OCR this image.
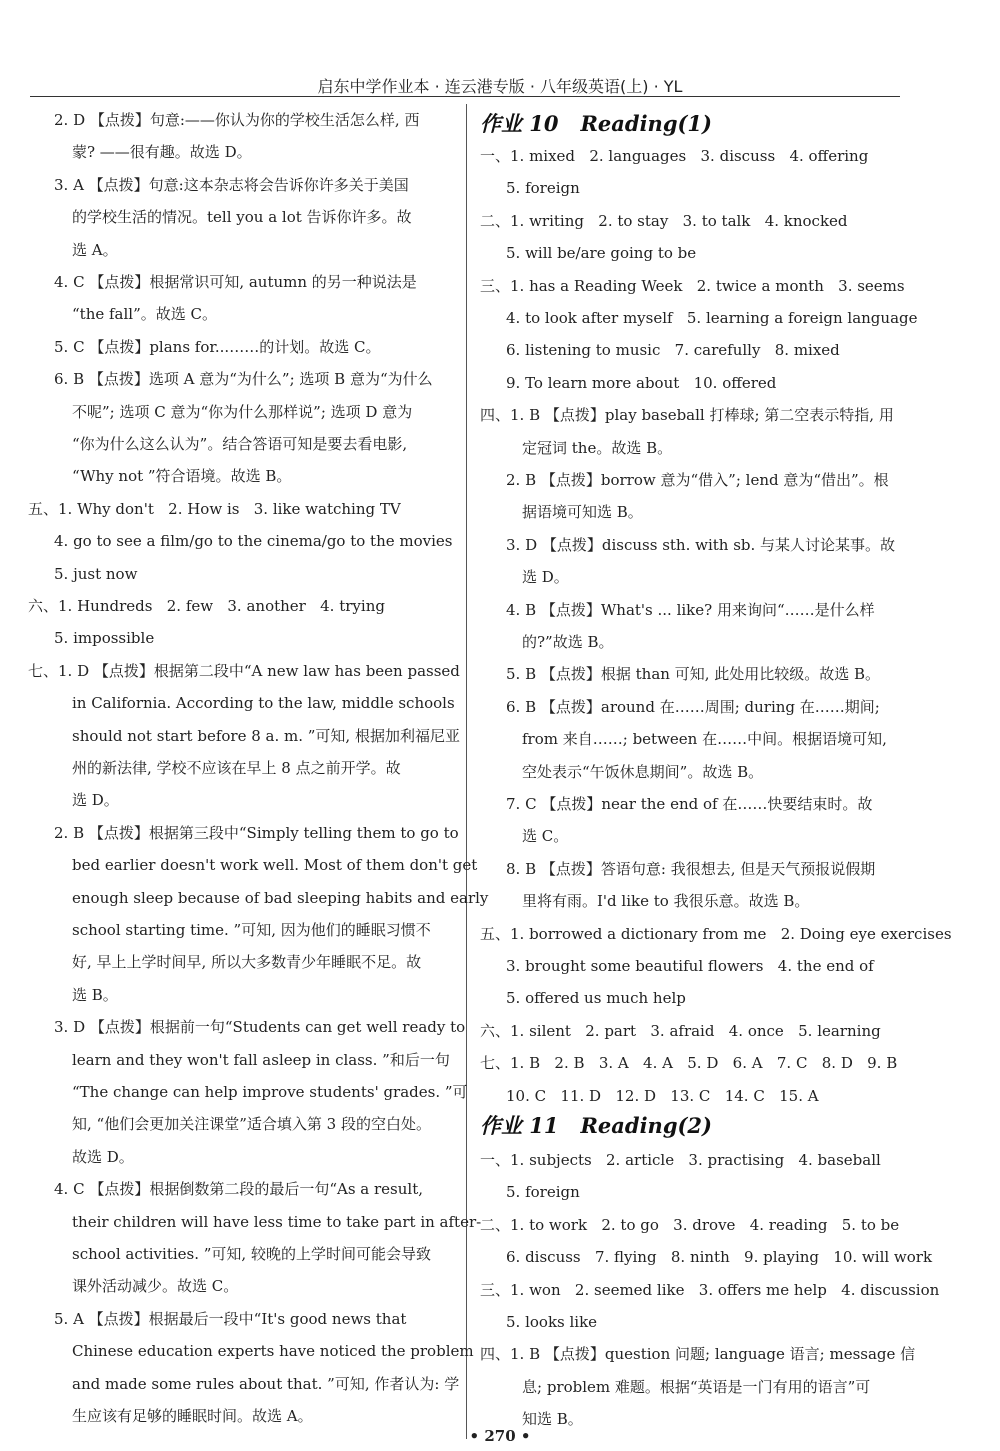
启东中学作业本 · 连云港专版 · 八年级英语(上) · YL
2. D 【点拨】句意:——你认为你的学校生活怎么样, 西
蒙? ——很有趣。故选 D。
3. A 【点拨】句意:这本杂志将会告诉你许多关于美国
的学校生活的情况。tell you a lot 告诉你许多。故
选 A。
4. C 【点拨】根据常识可知, autumn 的另一种说法是
“the fall”。故选 C。
5. C 【点拨】plans for...……的计划。故选 C。
6. B 【点拨】选项 A 意为“为什么”; 选项 B 意为“为什么
不呢”; 选项 C 意为“你为什么那样说”; 选项 D 意为
“你为什么这么认为”。结合答语可知是要去看电影,
“Why not ”符合语境。故选 B。
五、1. Why don't   2. How is   3. like watching TV
4. go to see a film/go to the cinema/go to the movies
5. just now
六、1. Hundreds   2. few   3. another   4. trying
5. impossible
七、1. D 【点拨】根据第二段中“A new law has been passed
in California. According to the law, middle schools
should not start before 8 a. m. ”可知, 根据加利福尼亚
州的新法律, 学校不应该在早上 8 点之前开学。故
选 D。
2. B 【点拨】根据第三段中“Simply telling them to go to
bed earlier doesn't work well. Most of them don't get
enough sleep because of bad sleeping habits and early
school starting time. ”可知, 因为他们的睡眠习惯不
好, 早上上学时间早, 所以大多数青少年睡眠不足。故
选 B。
3. D 【点拨】根据前一句“Students can get well ready to
learn and they won't fall asleep in class. ”和后一句
“The change can help improve students' grades. ”可
知, “他们会更加关注课堂”适合填入第 3 段的空白处。
故选 D。
4. C 【点拨】根据倒数第二段的最后一句“As a result,
their children will have less time to take part in after-
school activities. ”可知, 较晚的上学时间可能会导致
课外活动减少。故选 C。
5. A 【点拨】根据最后一段中“It's good news that
Chinese education experts have noticed the problem
and made some rules about that. ”可知, 作者认为: 学
生应该有足够的睡眠时间。故选 A。
作业 10   Reading(1)
一、1. mixed   2. languages   3. discuss   4. offering
5. foreign
二、1. writing   2. to stay   3. to talk   4. knocked
5. will be/are going to be
三、1. has a Reading Week   2. twice a month   3. seems
4. to look after myself   5. learning a foreign language
6. listening to music   7. carefully   8. mixed
9. To learn more about   10. offered
四、1. B 【点拨】play baseball 打棒球; 第二空表示特指, 用
定冠词 the。故选 B。
2. B 【点拨】borrow 意为“借入”; lend 意为“借出”。根
据语境可知选 B。
3. D 【点拨】discuss sth. with sb. 与某人讨论某事。故
选 D。
4. B 【点拨】What's ... like? 用来询问“……是什么样
的?”故选 B。
5. B 【点拨】根据 than 可知, 此处用比较级。故选 B。
6. B 【点拨】around 在……周围; during 在……期间;
from 来自……; between 在……中间。根据语境可知,
空处表示“午饭休息期间”。故选 B。
7. C 【点拨】near the end of 在……快要结束时。故
选 C。
8. B 【点拨】答语句意: 我很想去, 但是天气预报说假期
里将有雨。I'd like to 我很乐意。故选 B。
五、1. borrowed a dictionary from me   2. Doing eye exercises
3. brought some beautiful flowers   4. the end of
5. offered us much help
六、1. silent   2. part   3. afraid   4. once   5. learning
七、1. B   2. B   3. A   4. A   5. D   6. A   7. C   8. D   9. B
10. C   11. D   12. D   13. C   14. C   15. A
作业 11   Reading(2)
一、1. subjects   2. article   3. practising   4. baseball
5. foreign
二、1. to work   2. to go   3. drove   4. reading   5. to be
6. discuss   7. flying   8. ninth   9. playing   10. will work
三、1. won   2. seemed like   3. offers me help   4. discussion
5. looks like
四、1. B 【点拨】question 问题; language 语言; message 信
息; problem 难题。根据“英语是一门有用的语言”可
知选 B。
• 270 •
